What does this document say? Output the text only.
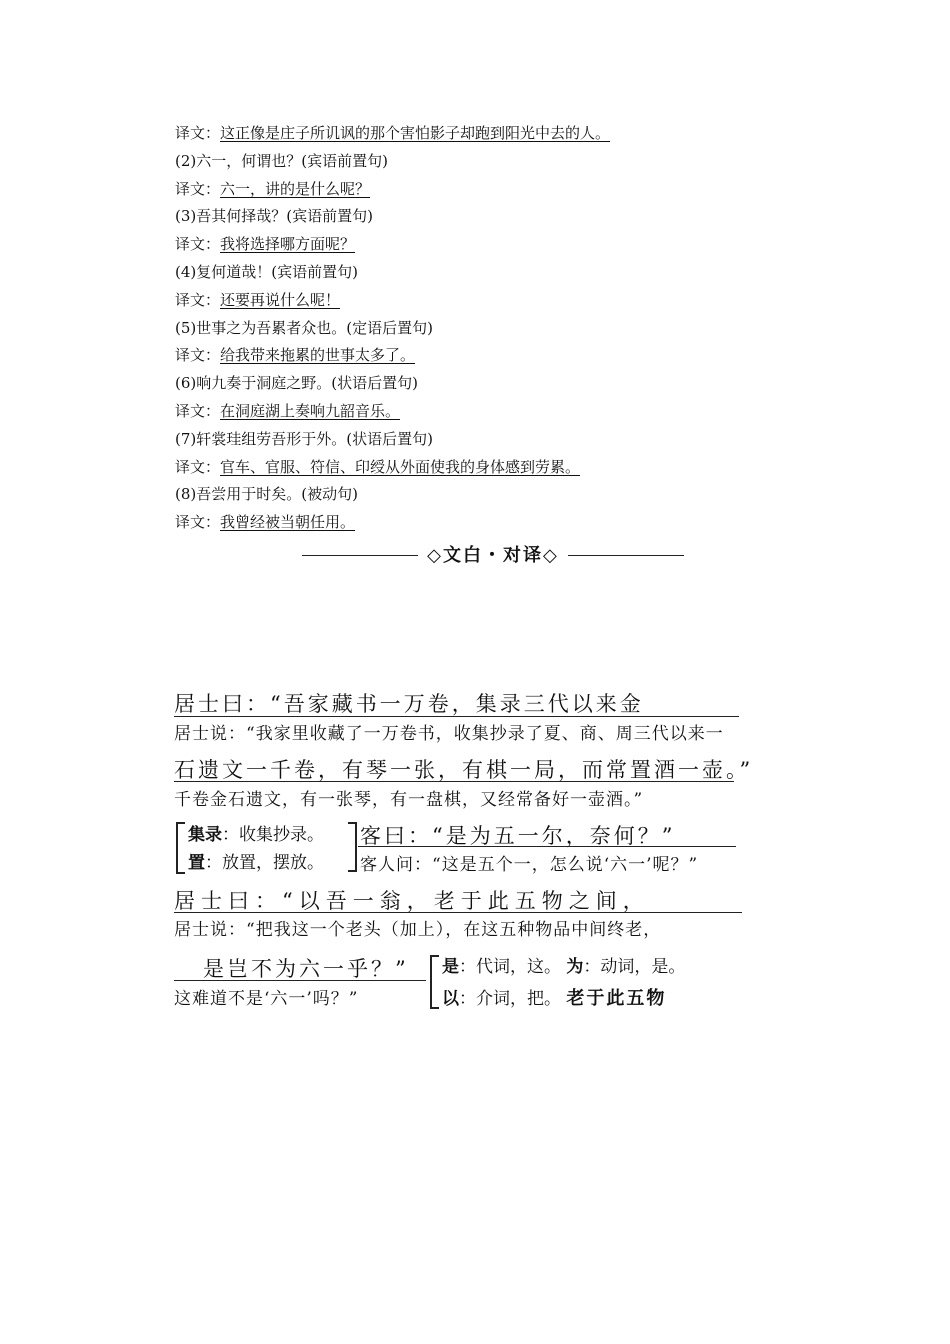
译文：这正像是庄子所讥讽的那个害怕影子却跑到阳光中去的人。
(2)六一，何谓也？(宾语前置句)
译文：六一，讲的是什么呢？
(3)吾其何择哉？(宾语前置句)
译文：我将选择哪方面呢？
(4)复何道哉！(宾语前置句)
译文：还要再说什么呢！
(5)世事之为吾累者众也。(定语后置句)
译文：给我带来拖累的世事太多了。
(6)响九奏于洞庭之野。(状语后置句)
译文：在洞庭湖上奏响九韶音乐。
(7)轩裳珪组劳吾形于外。(状语后置句)
译文：官车、官服、符信、印绶从外面使我的身体感到劳累。
(8)吾尝用于时矣。(被动句)
译文：我曾经被当朝任用。
◇文白・对译◇
居士曰：“吾家藏书一万卷，集录三代以来金
居士说：“我家里收藏了一万卷书，收集抄录了夏、商、周三代以来一
石遗文一千卷，有琴一张，有棋一局，而常置酒一壶。”
千卷金石遗文，有一张琴，有一盘棋，又经常备好一壶酒。”
集录：收集抄录。
置：放置，摆放。
客曰：“是为五一尔，奈何？”
客人问：“这是五个一，怎么说‘六一’呢？”
居士曰：“以吾一翁，老于此五物之间，
居士说：“把我这一个老头（加上），在这五种物品中间终老，
是岂不为六一乎？”
这难道不是‘六一’吗？”
是：代词，这。 为：动词，是。
以：介词，把。 老于此五物
